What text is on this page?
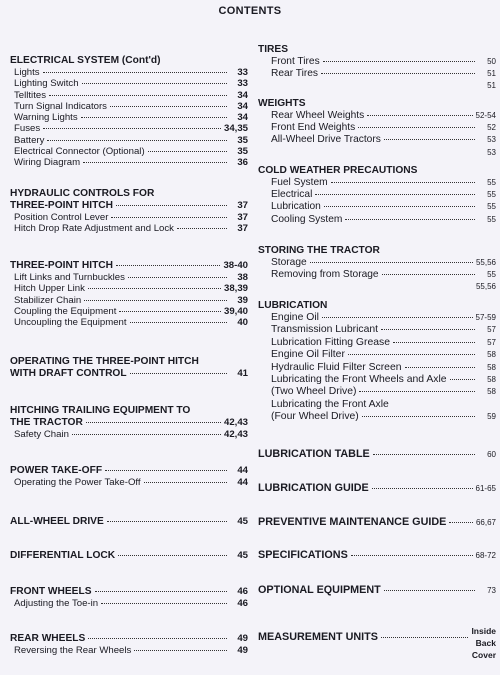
CONTENTS
ELECTRICAL SYSTEM (Cont'd)
Lights	33
Lighting Switch	33
Telltites	34
Turn Signal Indicators	34
Warning Lights	34
Fuses	34,35
Battery	35
Electrical Connector (Optional)	35
Wiring Diagram	36
HYDRAULIC CONTROLS FOR
THREE-POINT HITCH	37
Position Control Lever	37
Hitch Drop Rate Adjustment and Lock	37
THREE-POINT HITCH	38-40
Lift Links and Turnbuckles	38
Hitch Upper Link	38,39
Stabilizer Chain	39
Coupling the Equipment	39,40
Uncoupling the Equipment	40
OPERATING THE THREE-POINT HITCH
WITH DRAFT CONTROL	41
HITCHING TRAILING EQUIPMENT TO
THE TRACTOR	42,43
Safety Chain	42,43
POWER TAKE-OFF	44
Operating the Power Take-Off	44
ALL-WHEEL DRIVE	45
DIFFERENTIAL LOCK	45
FRONT WHEELS	46
Adjusting the Toe-in	46
REAR WHEELS	49
Reversing the Rear Wheels	49
TIRES
Front Tires	50
Rear Tires	51
51
WEIGHTS
Rear Wheel Weights	52-54
Front End Weights	52
All-Wheel Drive Tractors	53
53
COLD WEATHER PRECAUTIONS
Fuel System	55
Electrical	55
Lubrication	55
Cooling System	55
STORING THE TRACTOR
Storage	55,56
Removing from Storage	55
55,56
LUBRICATION
Engine Oil	57-59
Transmission Lubricant	57
Lubrication Fitting Grease	57
Engine Oil Filter	58
Hydraulic Fluid Filter Screen	58
Lubricating the Front Wheels and Axle	58
(Two Wheel Drive)	58
Lubricating the Front Axle
(Four Wheel Drive)	59
LUBRICATION TABLE	60
LUBRICATION GUIDE	61-65
PREVENTIVE MAINTENANCE GUIDE	66,67
SPECIFICATIONS	68-72
OPTIONAL EQUIPMENT	73
MEASUREMENT UNITS	Inside
Back
Cover
